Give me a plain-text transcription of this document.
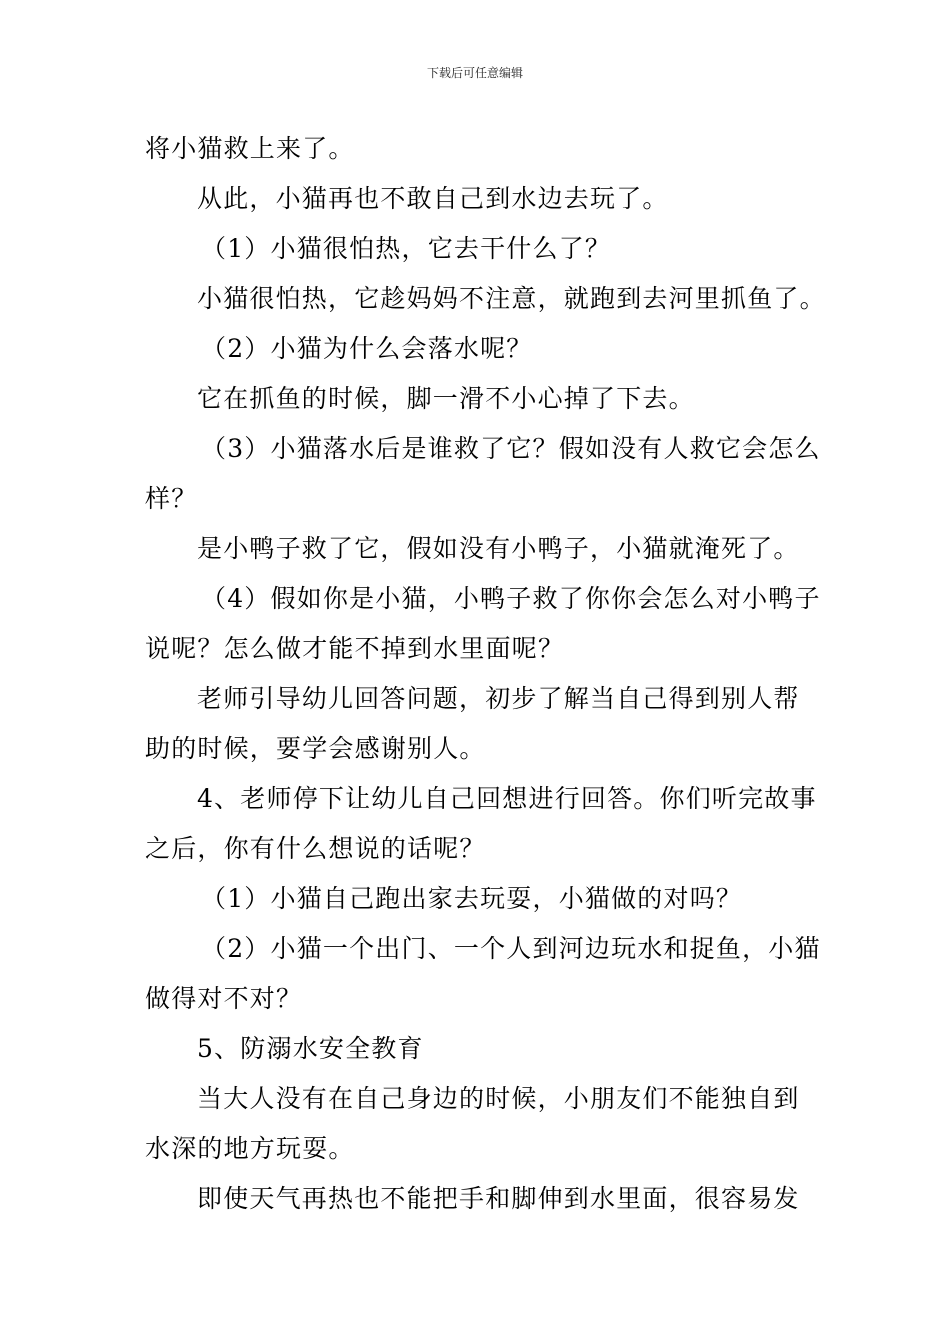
下载后可任意编辑
将小猫救上来了。
从此，小猫再也不敢自己到水边去玩了。
（1）小猫很怕热，它去干什么了？
小猫很怕热，它趁妈妈不注意，就跑到去河里抓鱼了。
（2）小猫为什么会落水呢？
它在抓鱼的时候，脚一滑不小心掉了下去。
（3）小猫落水后是谁救了它？假如没有人救它会怎么
样？
是小鸭子救了它，假如没有小鸭子，小猫就淹死了。
（4）假如你是小猫，小鸭子救了你你会怎么对小鸭子
说呢？怎么做才能不掉到水里面呢？
老师引导幼儿回答问题，初步了解当自己得到别人帮
助的时候，要学会感谢别人。
4、老师停下让幼儿自己回想进行回答。你们听完故事
之后，你有什么想说的话呢？
（1）小猫自己跑出家去玩耍，小猫做的对吗？
（2）小猫一个出门、一个人到河边玩水和捉鱼，小猫
做得对不对？
5、防溺水安全教育
当大人没有在自己身边的时候，小朋友们不能独自到
水深的地方玩耍。
即使天气再热也不能把手和脚伸到水里面，很容易发
